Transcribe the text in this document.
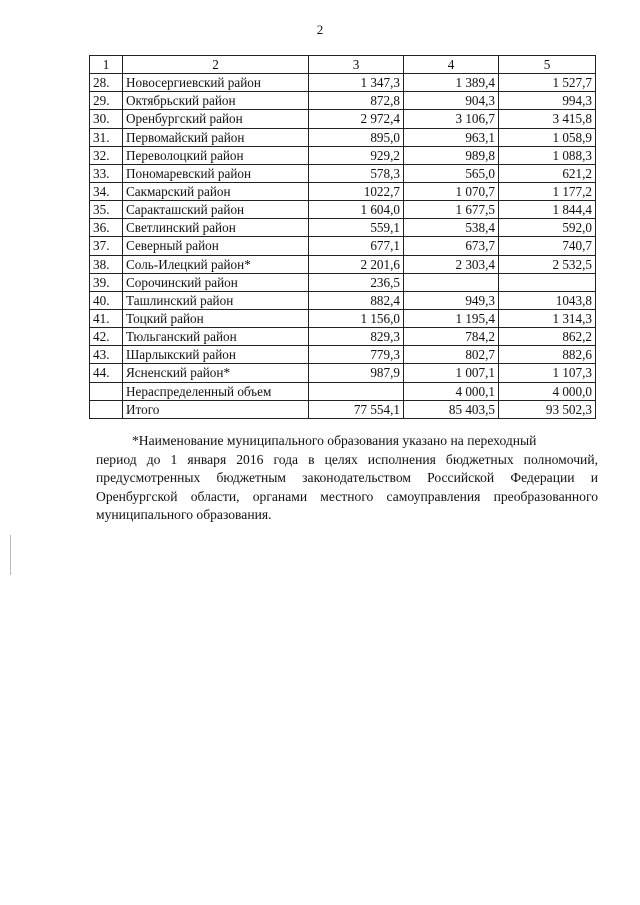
2
1	2	3	4	5
28.	Новосергиевский район	1 347,3	1 389,4	1 527,7
29.	Октябрьский район	872,8	904,3	994,3
30.	Оренбургский район	2 972,4	3 106,7	3 415,8
31.	Первомайский район	895,0	963,1	1 058,9
32.	Переволоцкий район	929,2	989,8	1 088,3
33.	Пономаревский район	578,3	565,0	621,2
34.	Сакмарский район	1022,7	1 070,7	1 177,2
35.	Саракташский район	1 604,0	1 677,5	1 844,4
36.	Светлинский район	559,1	538,4	592,0
37.	Северный район	677,1	673,7	740,7
38.	Соль-Илецкий район*	2 201,6	2 303,4	2 532,5
39.	Сорочинский район	236,5		
40.	Ташлинский район	882,4	949,3	1043,8
41.	Тоцкий район	1 156,0	1 195,4	1 314,3
42.	Тюльганский район	829,3	784,2	862,2
43.	Шарлыкский район	779,3	802,7	882,6
44.	Ясненский район*	987,9	1 007,1	1 107,3
	Нераспределенный объем		4 000,1	4 000,0
	Итого	77 554,1	85 403,5	93 502,3
*Наименование муниципального образования указано на переходный
период до 1 января 2016 года в целях исполнения бюджетных полномочий, предусмотренных бюджетным законодательством Российской Федерации и Оренбургской области, органами местного самоуправления преобразованного муниципального образования.
